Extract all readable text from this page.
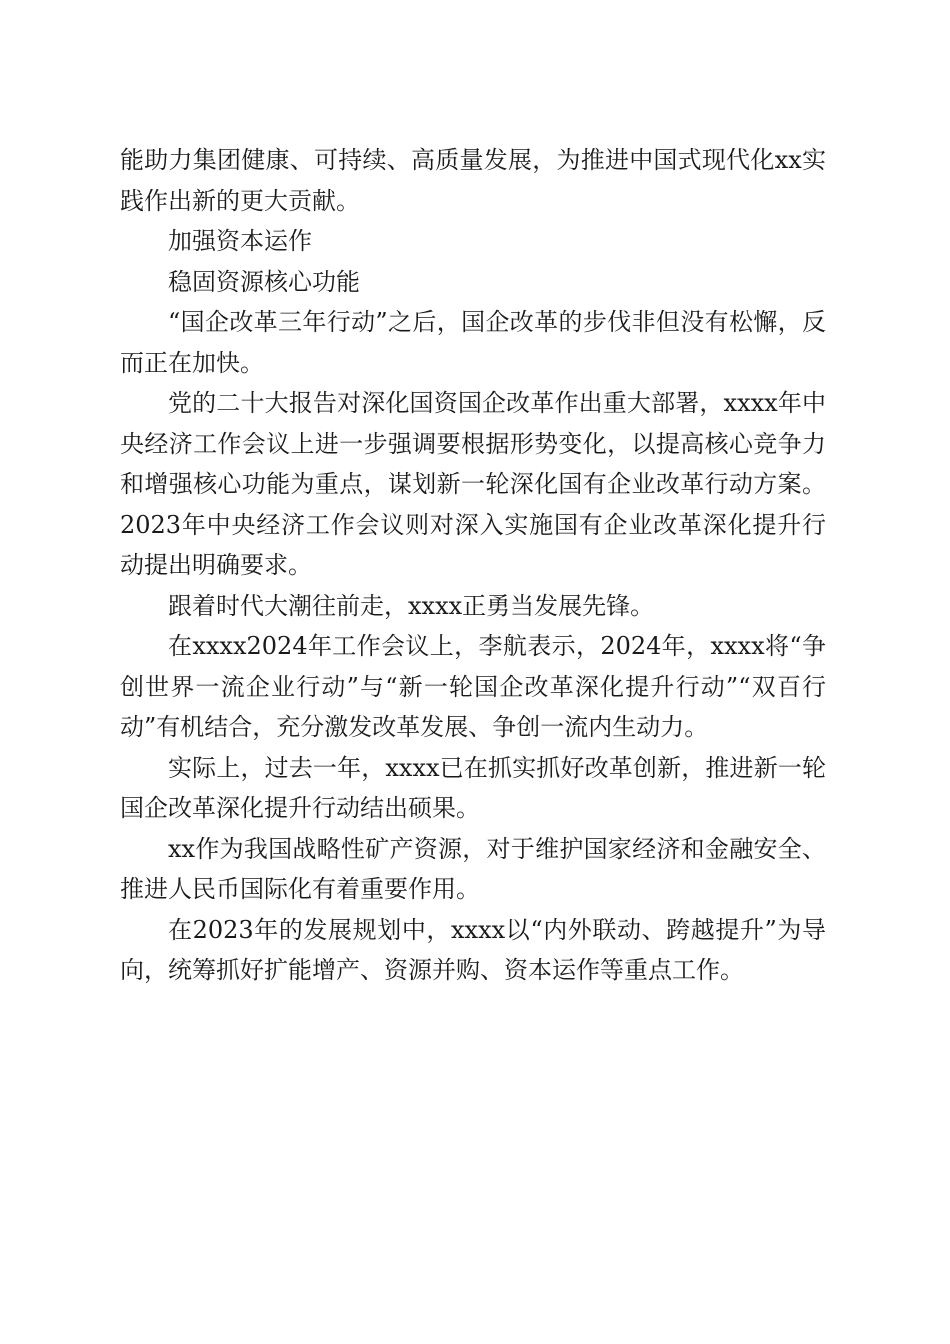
能助力集团健康、可持续、高质量发展，为推进中国式现代化xx实践作出新的更大贡献。

加强资本运作

稳固资源核心功能

“国企改革三年行动”之后，国企改革的步伐非但没有松懈，反而正在加快。

党的二十大报告对深化国资国企改革作出重大部署，xxxx年中央经济工作会议上进一步强调要根据形势变化，以提高核心竞争力和增强核心功能为重点，谋划新一轮深化国有企业改革行动方案。2023年中央经济工作会议则对深入实施国有企业改革深化提升行动提出明确要求。

跟着时代大潮往前走，xxxx正勇当发展先锋。

在xxxx2024年工作会议上，李航表示，2024年，xxxx将“争创世界一流企业行动”与“新一轮国企改革深化提升行动”“双百行动”有机结合，充分激发改革发展、争创一流内生动力。

实际上，过去一年，xxxx已在抓实抓好改革创新，推进新一轮国企改革深化提升行动结出硕果。

xx作为我国战略性矿产资源，对于维护国家经济和金融安全、推进人民币国际化有着重要作用。

在2023年的发展规划中，xxxx以“内外联动、跨越提升”为导向，统筹抓好扩能增产、资源并购、资本运作等重点工作。
